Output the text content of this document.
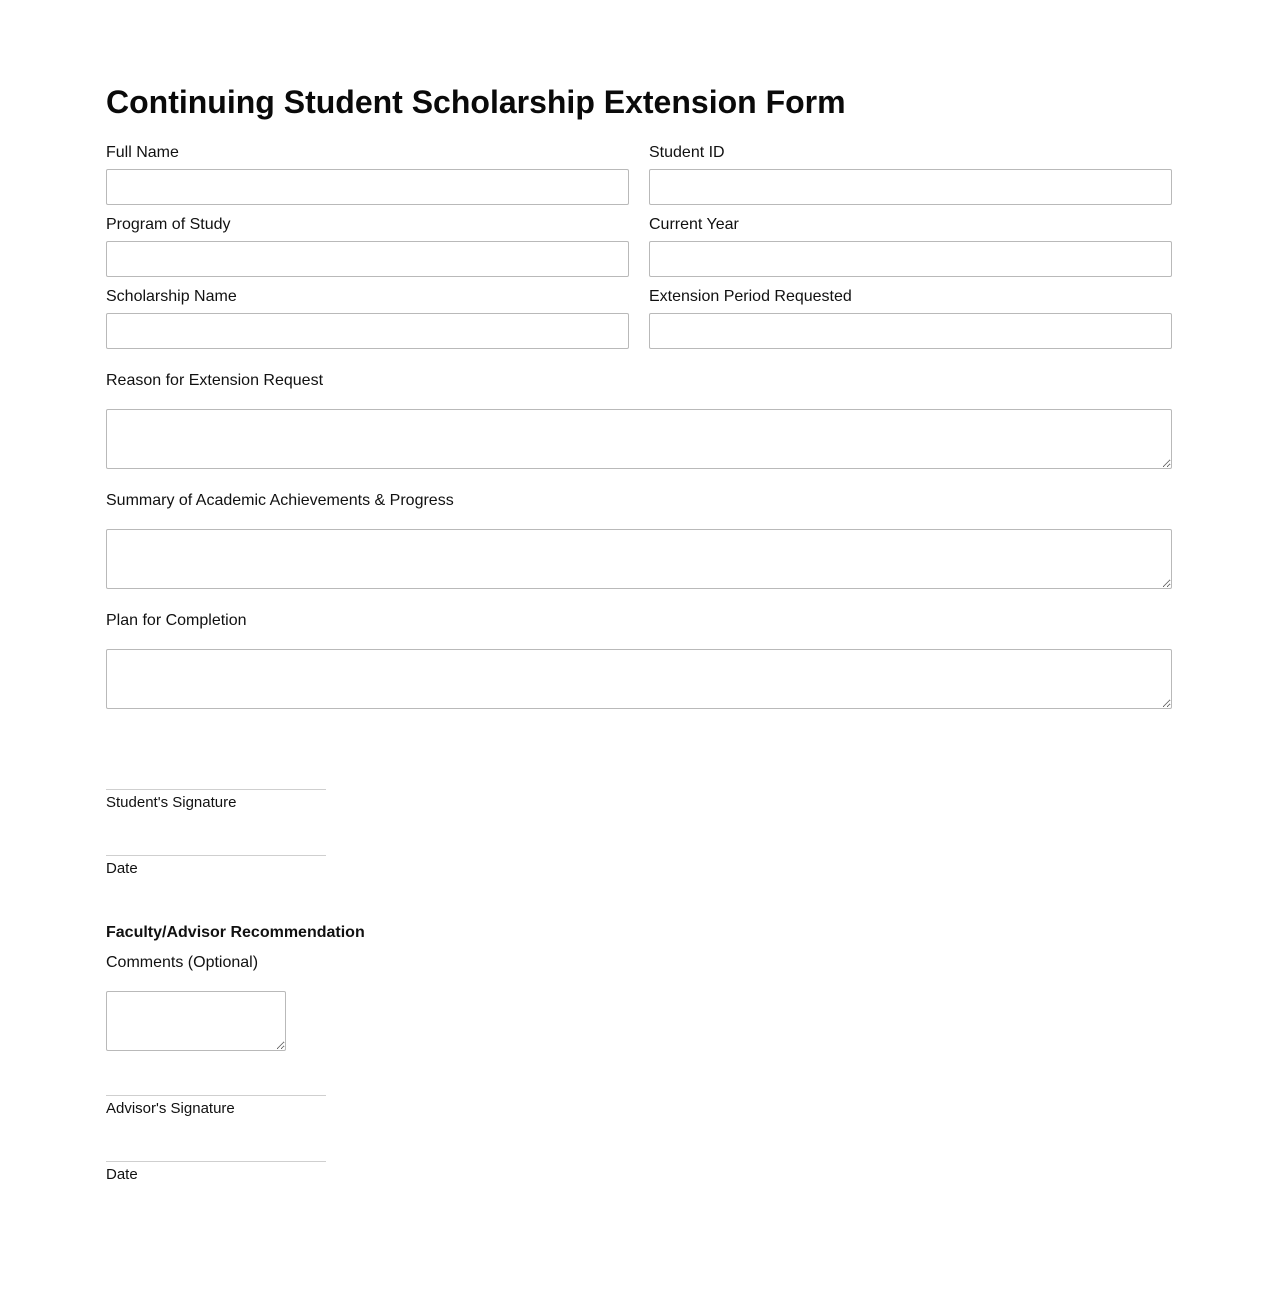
Continuing Student Scholarship Extension Form
Full Name	Student ID
Program of Study	Current Year
Scholarship Name	Extension Period Requested
Reason for Extension Request
Summary of Academic Achievements & Progress
Plan for Completion
Student's Signature
Date
Faculty/Advisor Recommendation
Comments (Optional)
Advisor's Signature
Date
